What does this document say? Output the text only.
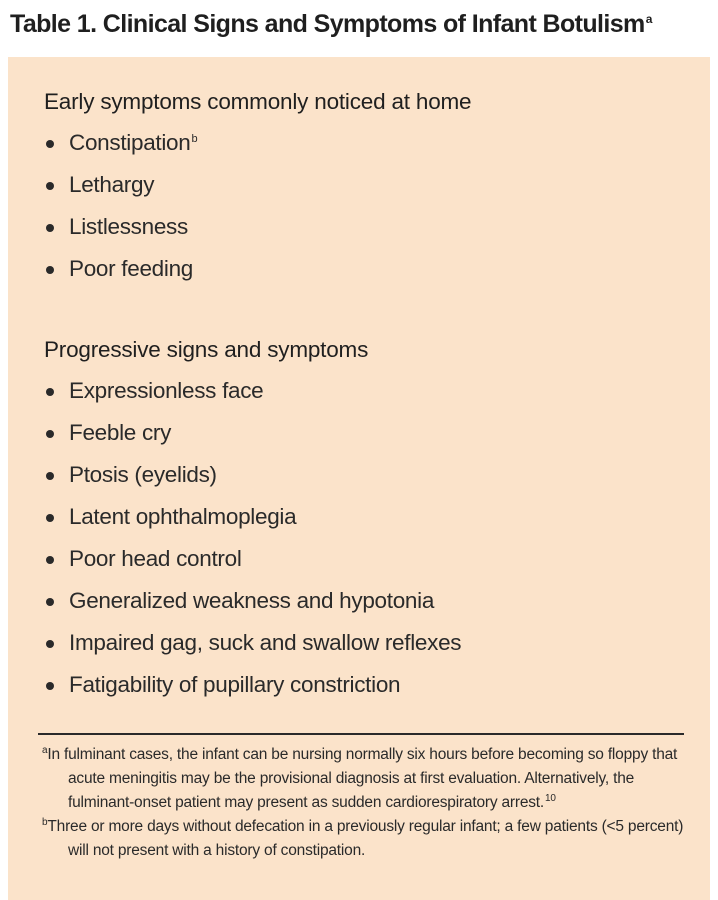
Table 1. Clinical Signs and Symptoms of Infant Botulism$^a$
Early symptoms commonly noticed at home
Constipation$^b$
Lethargy
Listlessness
Poor feeding
Progressive signs and symptoms
Expressionless face
Feeble cry
Ptosis (eyelids)
Latent ophthalmoplegia
Poor head control
Generalized weakness and hypotonia
Impaired gag, suck and swallow reflexes
Fatigability of pupillary constriction

aIn fulminant cases, the infant can be nursing normally six hours before becoming so floppy that acute meningitis may be the provisional diagnosis at first evaluation. Alternatively, the fulminant-onset patient may present as sudden cardiorespiratory arrest.$^{10}$

bThree or more days without defecation in a previously regular infant; a few patients (<5 percent) will not present with a history of constipation.
